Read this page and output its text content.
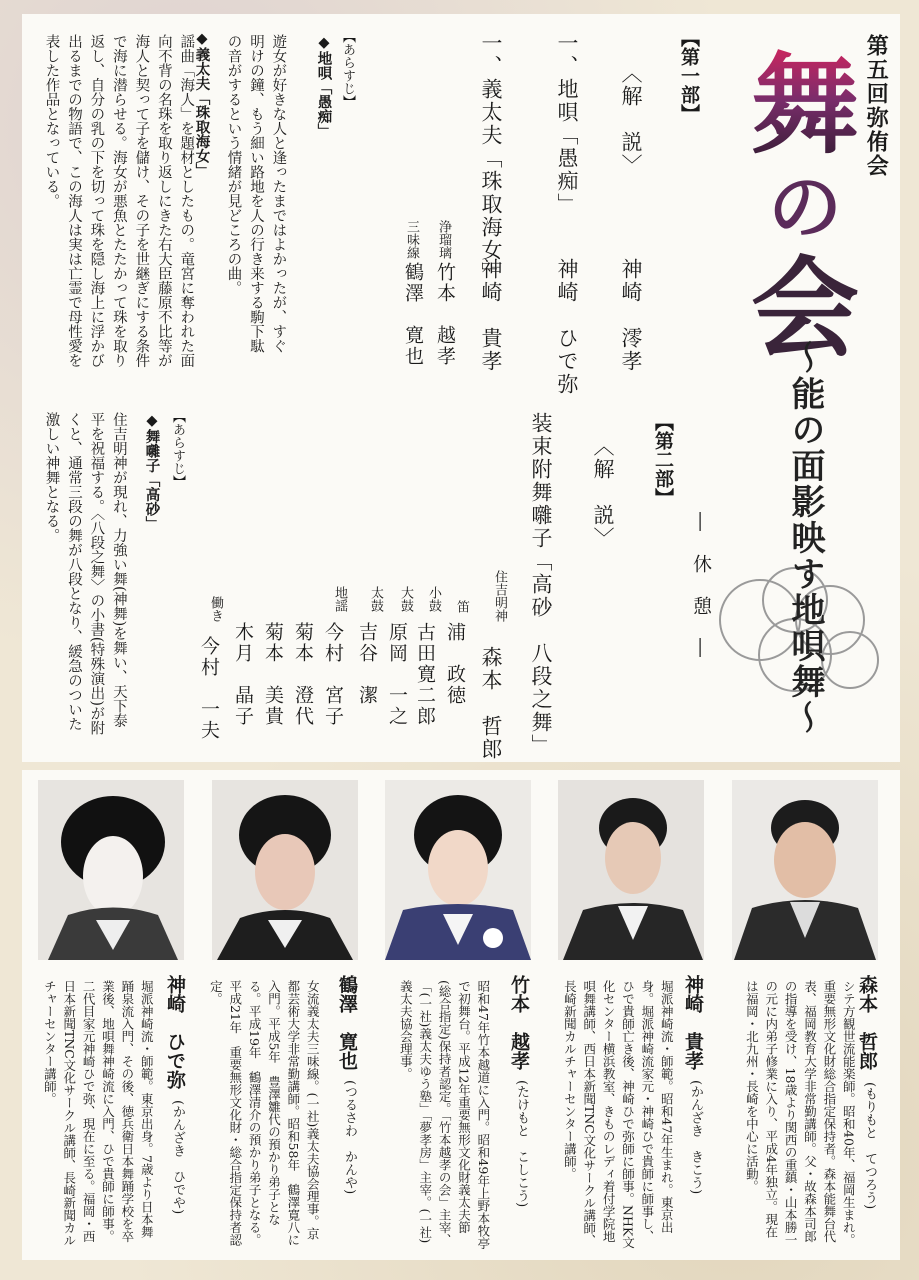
第五回弥侑会
舞
の
会
～能の面影映す地唄舞～
【第一部】
〈解　説〉
神崎　澪孝
一、地唄「愚痴」
神崎　ひで弥
一、義太夫「珠取海女」
神崎　貴孝
浄瑠璃
竹本　越孝
三味線
鶴澤　寛也
【あらすじ】
◆地唄「愚痴」
遊女が好きな人と逢ったまではよかったが、すぐ明けの鐘、もう細い路地を人の行き来する駒下駄の音がするという情緒が見どころの曲。
◆義太夫「珠取海女」
謡曲「海人」を題材としたもの。竜宮に奪われた面向不背の名珠を取り返しにきた右大臣藤原不比等が海人と契って子を儲け、その子を世継ぎにする条件で海に潜らせる。海女が悪魚とたたかって珠を取り返し、自分の乳の下を切って珠を隠し海上に浮かび出るまでの物語で、この海人は実は亡霊で母性愛を表した作品となっている。
【第二部】
―　休　憩　―
〈解　説〉
装束附舞囃子「高砂　八段之舞」
住吉明神
森本　哲郎
笛
浦　政徳
小鼓
古田寛二郎
大鼓
原岡　一之
太鼓
吉谷　潔
地謡
今村　宮子
菊本　澄代
菊本　美貴
木月　晶子
働き
今村　一夫
【あらすじ】
◆舞囃子「高砂」
住吉明神が現れ、力強い舞(神舞)を舞い、天下泰平を祝福する。〈八段之舞〉の小書(特殊演出)が附くと、通常三段の舞が八段となり、緩急のついた激しい神舞となる。
森本　哲郎
(もりもと　てつろう)
シテ方観世流能楽師。昭和40年、福岡生まれ。重要無形文化財総合指定保持者。森本能舞台代表、福岡教育大学非常勤講師。父・故森本司郎の指導を受け、18歳より関西の重鎮・山本勝一の元に内弟子修業に入り、平成4年独立。現在は福岡・北九州・長崎を中心に活動。
神崎　貴孝
(かんざき　きこう)
堀派神崎流・師範。昭和47年生まれ。東京出身。堀派神崎流家元・神崎ひで貴師に師事し、ひで貴師亡き後、神崎ひで弥師に師事。NHK文化センター横浜教室、きものレディ着付学院地唄舞講師、西日本新聞TNC文化サークル講師、長崎新聞カルチャーセンター講師。
竹本　越孝
(たけもと　こしこう)
昭和47年竹本越道に入門。昭和49年上野本牧亭で初舞台。平成12年重要無形文化財義太夫節(総合指定)保持者認定。「竹本越孝の会」主宰、「(一社)義太夫ゆう塾」「夢孝房」主宰。(一社)義太夫協会理事。
鶴澤　寛也
(つるさわ　かんや)
女流義太夫三味線。(一社)義太夫協会理事。京都芸術大学非常勤講師。昭和58年　鶴澤寛八に入門。平成5年　豊澤雛代の預かり弟子となる。平成19年　鶴澤清介の預かり弟子となる。平成21年　重要無形文化財・総合指定保持者認定。
神崎　ひで弥
(かんざき　ひでや)
堀派神崎流・師範。東京出身。7歳より日本舞踊泉流入門、その後、徳兵衛日本舞踊学校を卒業後、地唄舞神崎流に入門、ひで貴師に師事。二代目家元神崎ひで弥、現在に至る。福岡・西日本新聞TNC文化サークル講師、長崎新聞カルチャーセンター講師。
